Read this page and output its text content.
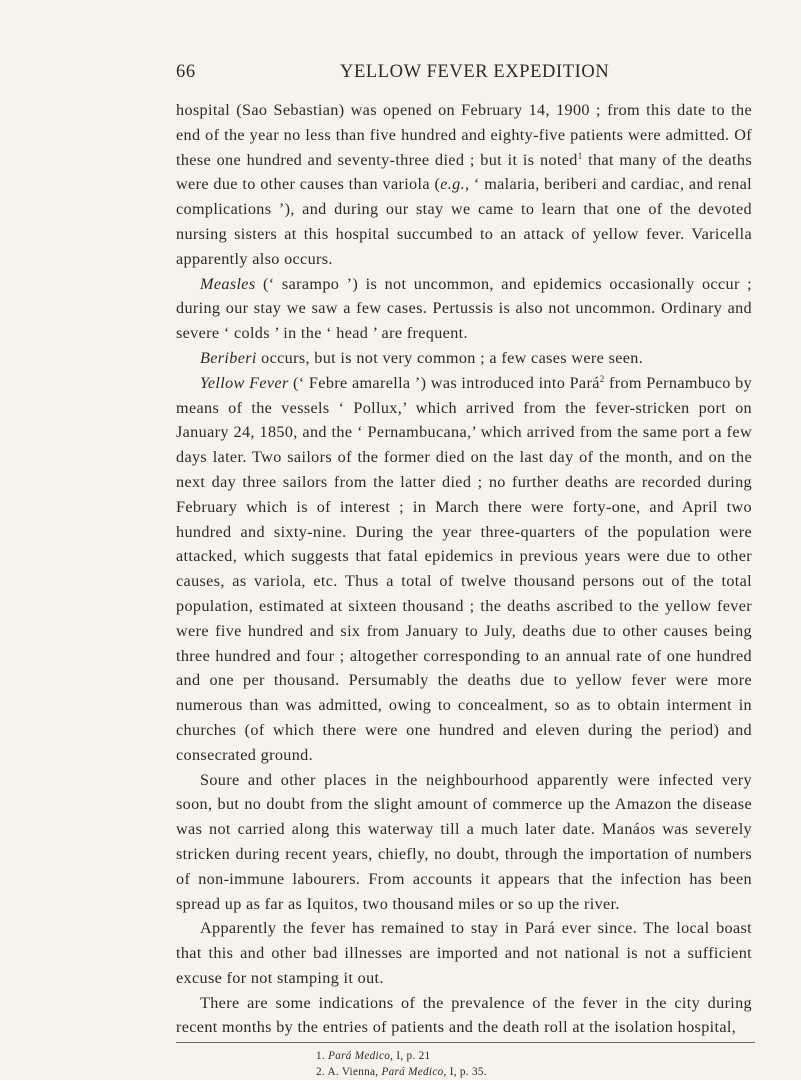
66	YELLOW FEVER EXPEDITION

hospital (Sao Sebastian) was opened on February 14, 1900 ; from this date to the end of the year no less than five hundred and eighty-five patients were admitted. Of these one hundred and seventy-three died ; but it is noted$^1$ that many of the deaths were due to other causes than variola (e.g., ‘ malaria, beriberi and cardiac, and renal complications ’), and during our stay we came to learn that one of the devoted nursing sisters at this hospital succumbed to an attack of yellow fever. Varicella apparently also occurs.

Measles (‘ sarampo ’) is not uncommon, and epidemics occasionally occur ; during our stay we saw a few cases. Pertussis is also not uncommon. Ordinary and severe ‘ colds ’ in the ‘ head ’ are frequent.

Beriberi occurs, but is not very common ; a few cases were seen.

Yellow Fever (‘ Febre amarella ’) was introduced into Pará$^2$ from Pernambuco by means of the vessels ‘ Pollux,’ which arrived from the fever-stricken port on January 24, 1850, and the ‘ Pernambucana,’ which arrived from the same port a few days later. Two sailors of the former died on the last day of the month, and on the next day three sailors from the latter died ; no further deaths are recorded during February which is of interest ; in March there were forty-one, and April two hundred and sixty-nine. During the year three-quarters of the population were attacked, which suggests that fatal epidemics in previous years were due to other causes, as variola, etc. Thus a total of twelve thousand persons out of the total population, estimated at sixteen thousand ; the deaths ascribed to the yellow fever were five hundred and six from January to July, deaths due to other causes being three hundred and four ; altogether corresponding to an annual rate of one hundred and one per thousand. Persumably the deaths due to yellow fever were more numerous than was admitted, owing to concealment, so as to obtain interment in churches (of which there were one hundred and eleven during the period) and consecrated ground.

Soure and other places in the neighbourhood apparently were infected very soon, but no doubt from the slight amount of commerce up the Amazon the disease was not carried along this waterway till a much later date. Manáos was severely stricken during recent years, chiefly, no doubt, through the importation of numbers of non-immune labourers. From accounts it appears that the infection has been spread up as far as Iquitos, two thousand miles or so up the river.

Apparently the fever has remained to stay in Pará ever since. The local boast that this and other bad illnesses are imported and not national is not a sufficient excuse for not stamping it out.

There are some indications of the prevalence of the fever in the city during recent months by the entries of patients and the death roll at the isolation hospital,

1. Pará Medico, I, p. 21
2. A. Vienna, Pará Medico, I, p. 35.
